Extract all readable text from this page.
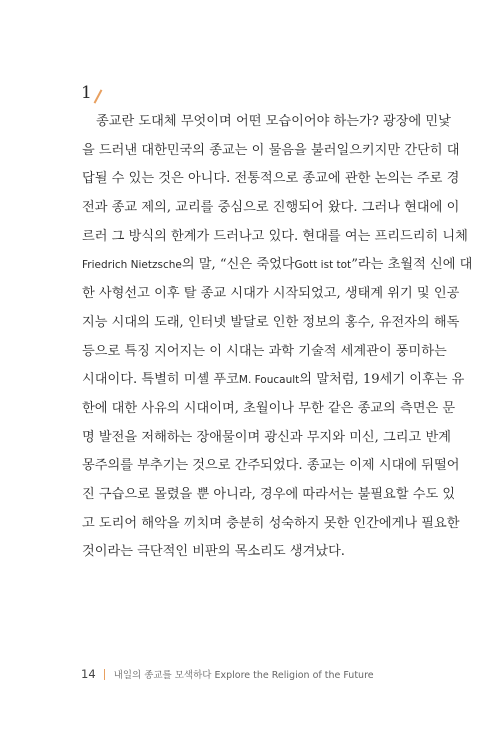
1
종교란 도대체 무엇이며 어떤 모습이어야 하는가? 광장에 민낯
을 드러낸 대한민국의 종교는 이 물음을 불러일으키지만 간단히 대
답될 수 있는 것은 아니다. 전통적으로 종교에 관한 논의는 주로 경
전과 종교 제의, 교리를 중심으로 진행되어 왔다. 그러나 현대에 이
르러 그 방식의 한계가 드러나고 있다. 현대를 여는 프리드리히 니체
Friedrich Nietzsche의 말, “신은 죽었다Gott ist tot”라는 초월적 신에 대
한 사형선고 이후 탈 종교 시대가 시작되었고, 생태계 위기 및 인공
지능 시대의 도래, 인터넷 발달로 인한 정보의 홍수, 유전자의 해독
등으로 특징 지어지는 이 시대는 과학 기술적 세계관이 풍미하는
시대이다. 특별히 미셸 푸코M. Foucault의 말처럼, 19세기 이후는 유
한에 대한 사유의 시대이며, 초월이나 무한 같은 종교의 측면은 문
명 발전을 저해하는 장애물이며 광신과 무지와 미신, 그리고 반계
몽주의를 부추기는 것으로 간주되었다. 종교는 이제 시대에 뒤떨어
진 구습으로 몰렸을 뿐 아니라, 경우에 따라서는 불필요할 수도 있
고 도리어 해악을 끼치며 충분히 성숙하지 못한 인간에게나 필요한
것이라는 극단적인 비판의 목소리도 생겨났다.
14 내일의 종교를 모색하다 Explore the Religion of the Future
